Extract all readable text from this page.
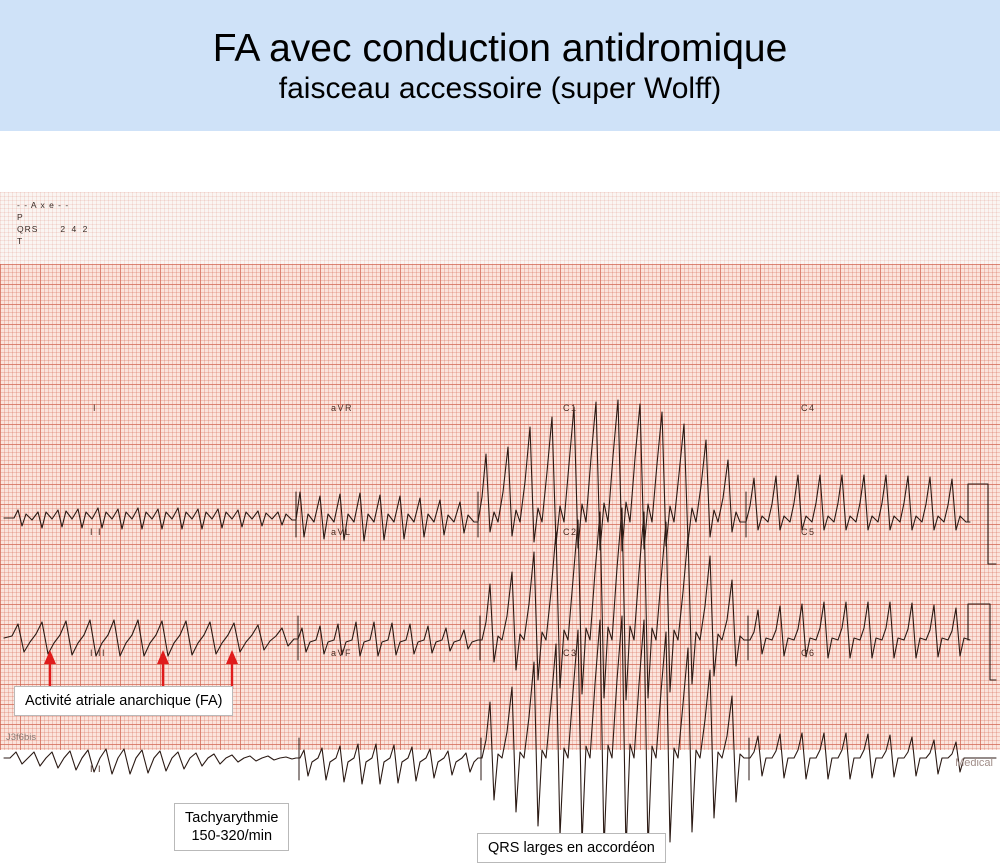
FA avec conduction antidromique
faisceau accessoire (super Wolff)
- - A x e - -
P
QRS	2 4 2
T
I	aVR	C1	C4
I I	aVL	C2	C5
I II	aVF	C3	C6
I I
Activité atriale anarchique (FA)
Tachyarythmie
150-320/min
QRS larges en accordéon
Medical
J3f6bis
